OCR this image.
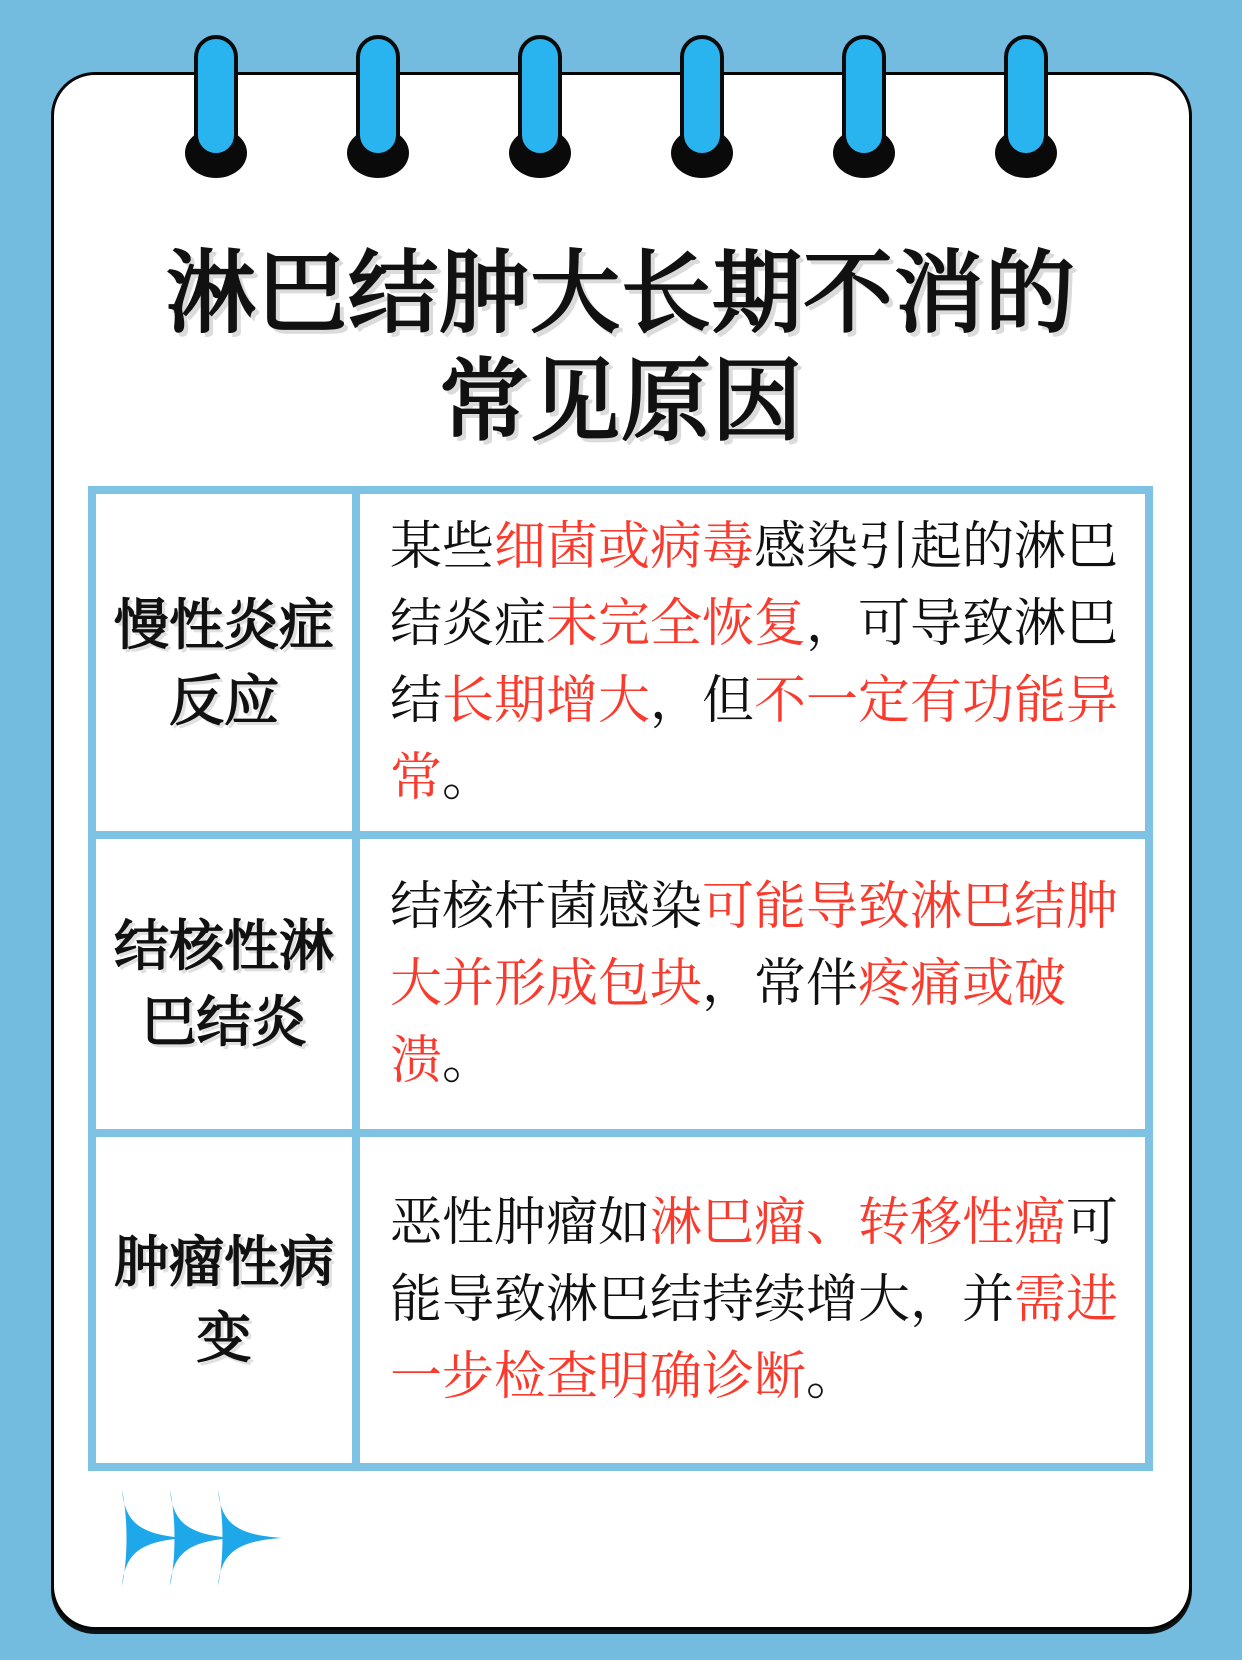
淋巴结肿大长期不消的
常见原因
慢性炎症反应
某些细菌或病毒感染引起的淋巴结炎症未完全恢复，可导致淋巴结长期增大，但不一定有功能异常。
结核性淋巴结炎
结核杆菌感染可能导致淋巴结肿大并形成包块，常伴疼痛或破溃。
肿瘤性病变
恶性肿瘤如淋巴瘤、转移性癌可能导致淋巴结持续增大，并需进一步检查明确诊断。
